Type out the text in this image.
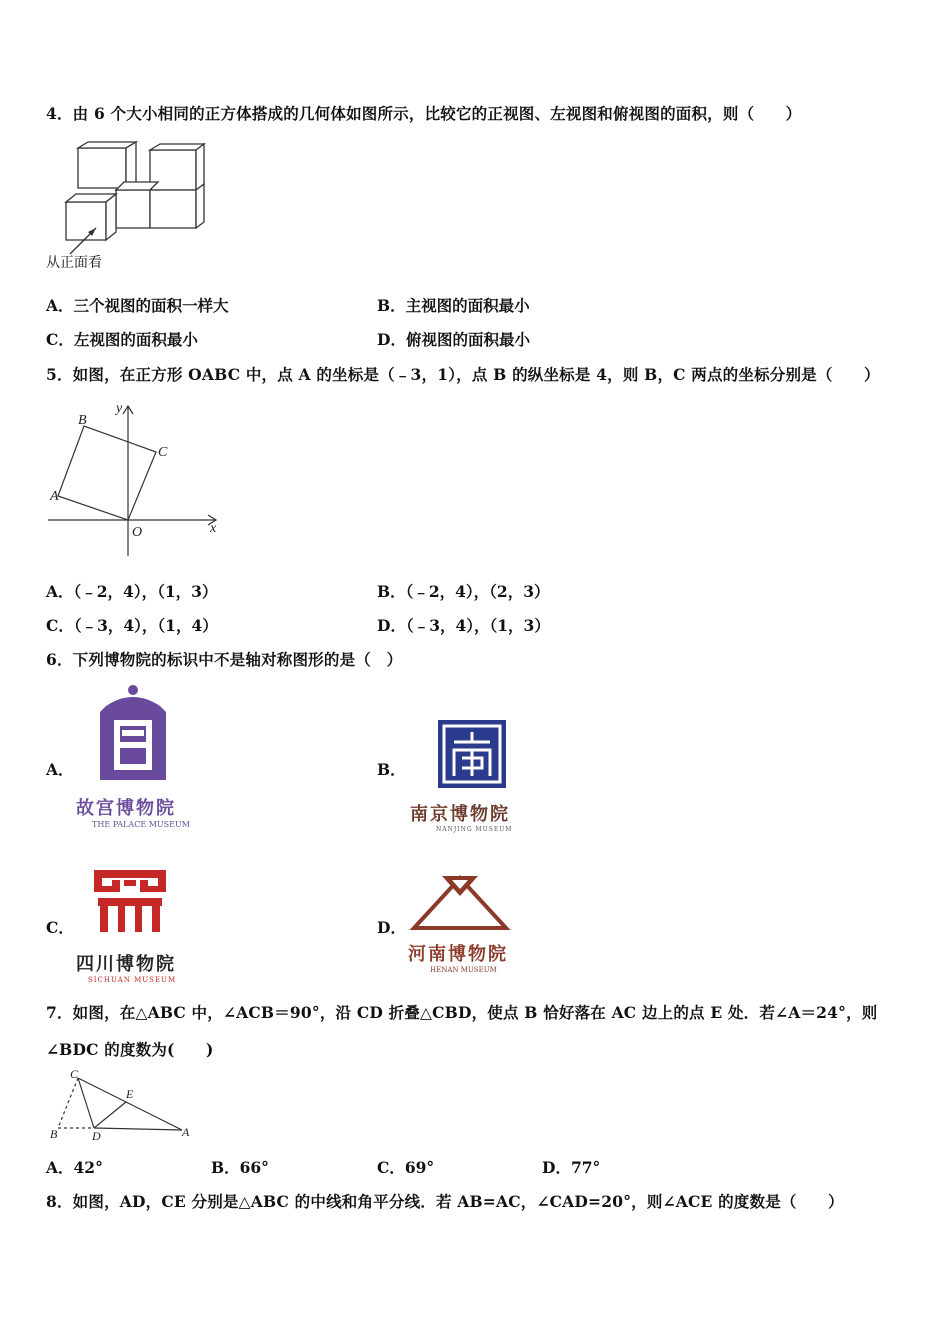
4．由 6 个大小相同的正方体搭成的几何体如图所示，比较它的正视图、左视图和俯视图的面积，则（　　）
从正面看
A．三个视图的面积一样大	B．主视图的面积最小
C．左视图的面积最小	D．俯视图的面积最小
5．如图，在正方形 OABC 中，点 A 的坐标是（﹣3，1），点 B 的纵坐标是 4，则 B，C 两点的坐标分别是（　　）
B
C
A
O	x
y
A．（﹣2，4），（1，3）	B．（﹣2，4），（2，3）
C．（﹣3，4），（1，4）	D．（﹣3，4），（1，3）
6．下列博物院的标识中不是轴对称图形的是（　）
A．
故宫博物院
THE PALACE MUSEUM
B．
南京博物院
NANJING MUSEUM
C．
四川博物院
SICHUAN MUSEUM
D．
河南博物院
HENAN MUSEUM
7．如图，在△ABC 中，∠ACB＝90°，沿 CD 折叠△CBD，使点 B 恰好落在 AC 边上的点 E 处．若∠A＝24°，则
∠BDC 的度数为(　　)
C
E
B	D	A
A．42°	B．66°	C．69°	D．77°
8．如图，AD，CE 分别是△ABC 的中线和角平分线．若 AB=AC，∠CAD=20°，则∠ACE 的度数是（　　）
